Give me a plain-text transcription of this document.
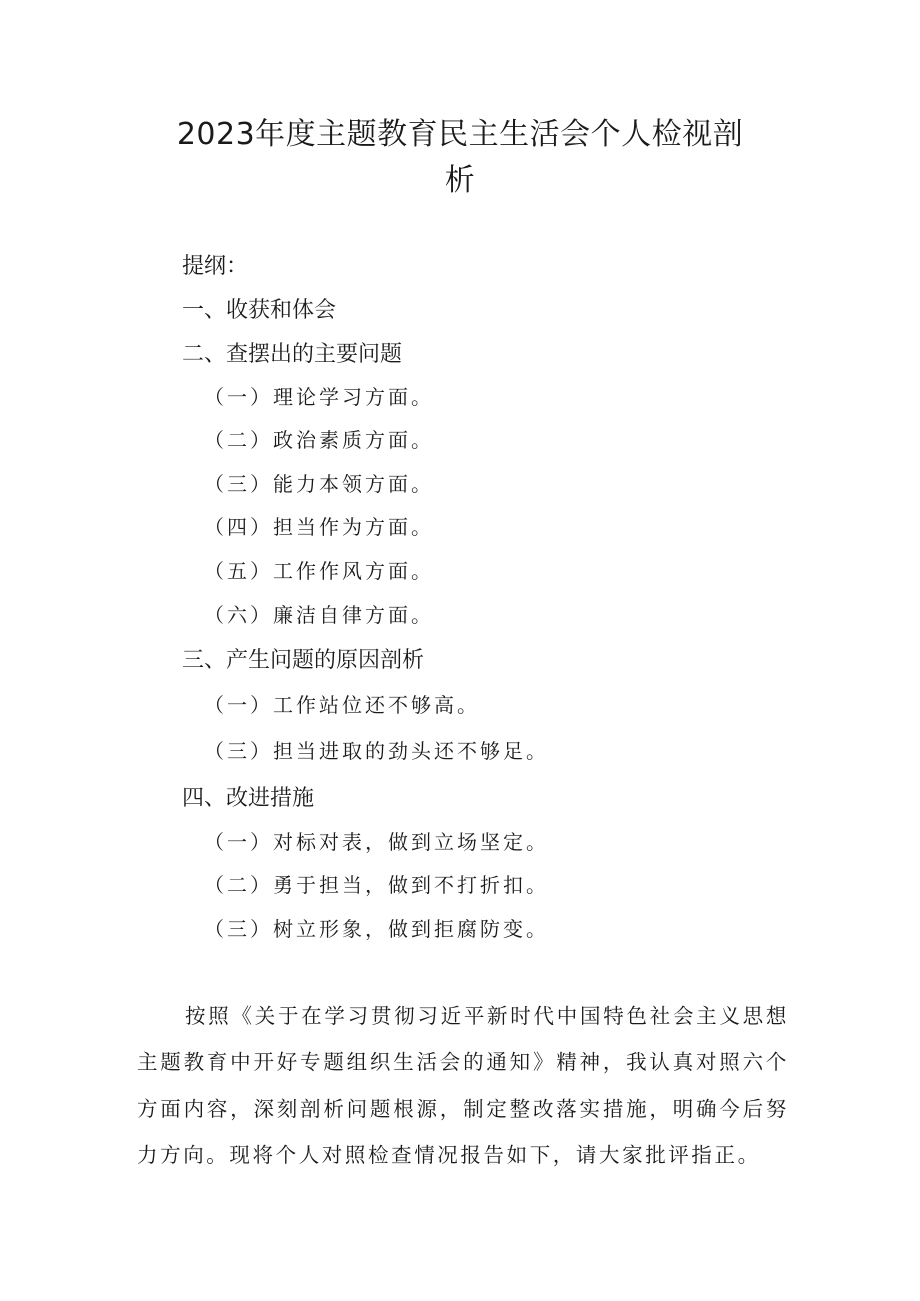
2023年度主题教育民主生活会个人检视剖
析

提纲：

一、收获和体会

二、查摆出的主要问题

（一）理论学习方面。

（二）政治素质方面。

（三）能力本领方面。

（四）担当作为方面。

（五）工作作风方面。

（六）廉洁自律方面。

三、产生问题的原因剖析

（一）工作站位还不够高。

（三）担当进取的劲头还不够足。

四、改进措施

（一）对标对表，做到立场坚定。

（二）勇于担当，做到不打折扣。

（三）树立形象，做到拒腐防变。

按照《关于在学习贯彻习近平新时代中国特色社会主义思想主题教育中开好专题组织生活会的通知》精神，我认真对照六个方面内容，深刻剖析问题根源，制定整改落实措施，明确今后努力方向。现将个人对照检查情况报告如下，请大家批评指正。
